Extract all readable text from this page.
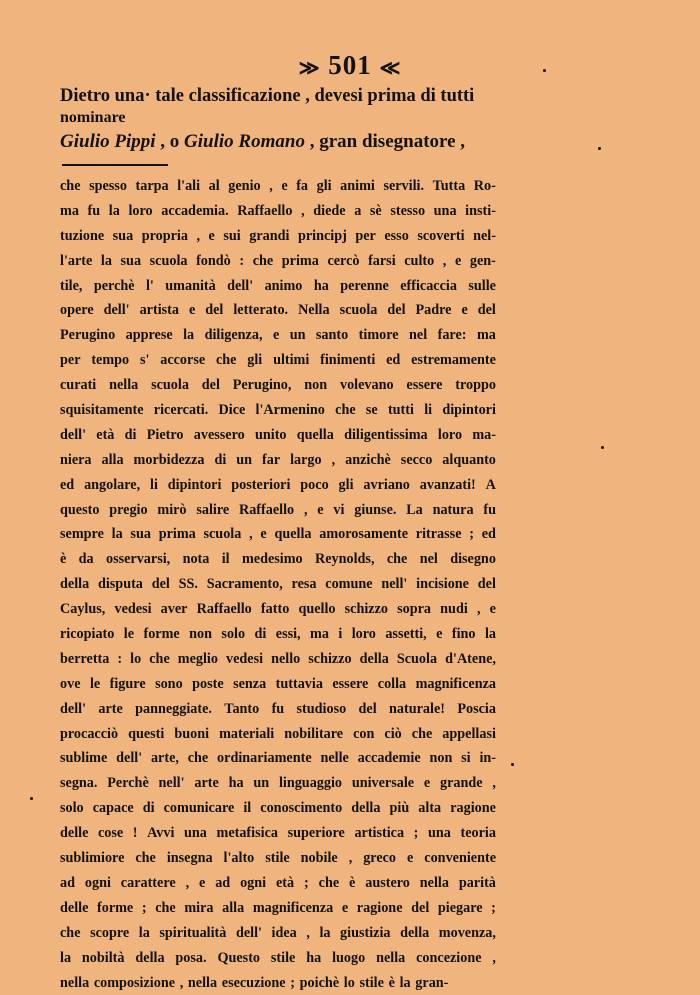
≫ 501 ≪
Dietro una· tale classificazione , devesi prima di tutti
nominare
Giulio Pippi , o Giulio Romano , gran disegnatore ,
che spesso tarpa l'ali al genio , e fa gli animi servili. Tutta Ro-
ma fu la loro accademia. Raffaello , diede a sè stesso una insti-
tuzione sua propria , e sui grandi principj per esso scoverti nel-
l'arte la sua scuola fondò : che prima cercò farsi culto , e gen-
tile, perchè l' umanità dell' animo ha perenne efficaccia sulle
opere dell' artista e del letterato. Nella scuola del Padre e del
Perugino apprese la diligenza, e un santo timore nel fare: ma
per tempo s' accorse che gli ultimi finimenti ed estremamente
curati nella scuola del Perugino, non volevano essere troppo
squisitamente ricercati. Dice l'Armenino che se tutti li dipintori
dell' età di Pietro avessero unito quella diligentissima loro ma-
niera alla morbidezza di un far largo , anzichè secco alquanto
ed angolare, li dipintori posteriori poco gli avriano avanzati! A
questo pregio mirò salire Raffaello , e vi giunse. La natura fu
sempre la sua prima scuola , e quella amorosamente ritrasse ; ed
è da osservarsi, nota il medesimo Reynolds, che nel disegno
della disputa del SS. Sacramento, resa comune nell' incisione del
Caylus, vedesi aver Raffaello fatto quello schizzo sopra nudi , e
ricopiato le forme non solo di essi, ma i loro assetti, e fino la
berretta : lo che meglio vedesi nello schizzo della Scuola d'Atene,
ove le figure sono poste senza tuttavia essere colla magnificenza
dell' arte panneggiate. Tanto fu studioso del naturale! Poscia
procacciò questi buoni materiali nobilitare con ciò che appellasi
sublime dell' arte, che ordinariamente nelle accademie non si in-
segna. Perchè nell' arte ha un linguaggio universale e grande ,
solo capace di comunicare il conoscimento della più alta ragione
delle cose ! Avvi una metafisica superiore artistica ; una teoria
sublimiore che insegna l'alto stile nobile , greco e conveniente
ad ogni carattere , e ad ogni età ; che è austero nella parità
delle forme ; che mira alla magnificenza e ragione del piegare ;
che scopre la spiritualità dell' idea , la giustizia della movenza,
la nobiltà della posa. Questo stile ha luogo nella concezione ,
nella composizione , nella esecuzione ; poichè lo stile è la gran-
